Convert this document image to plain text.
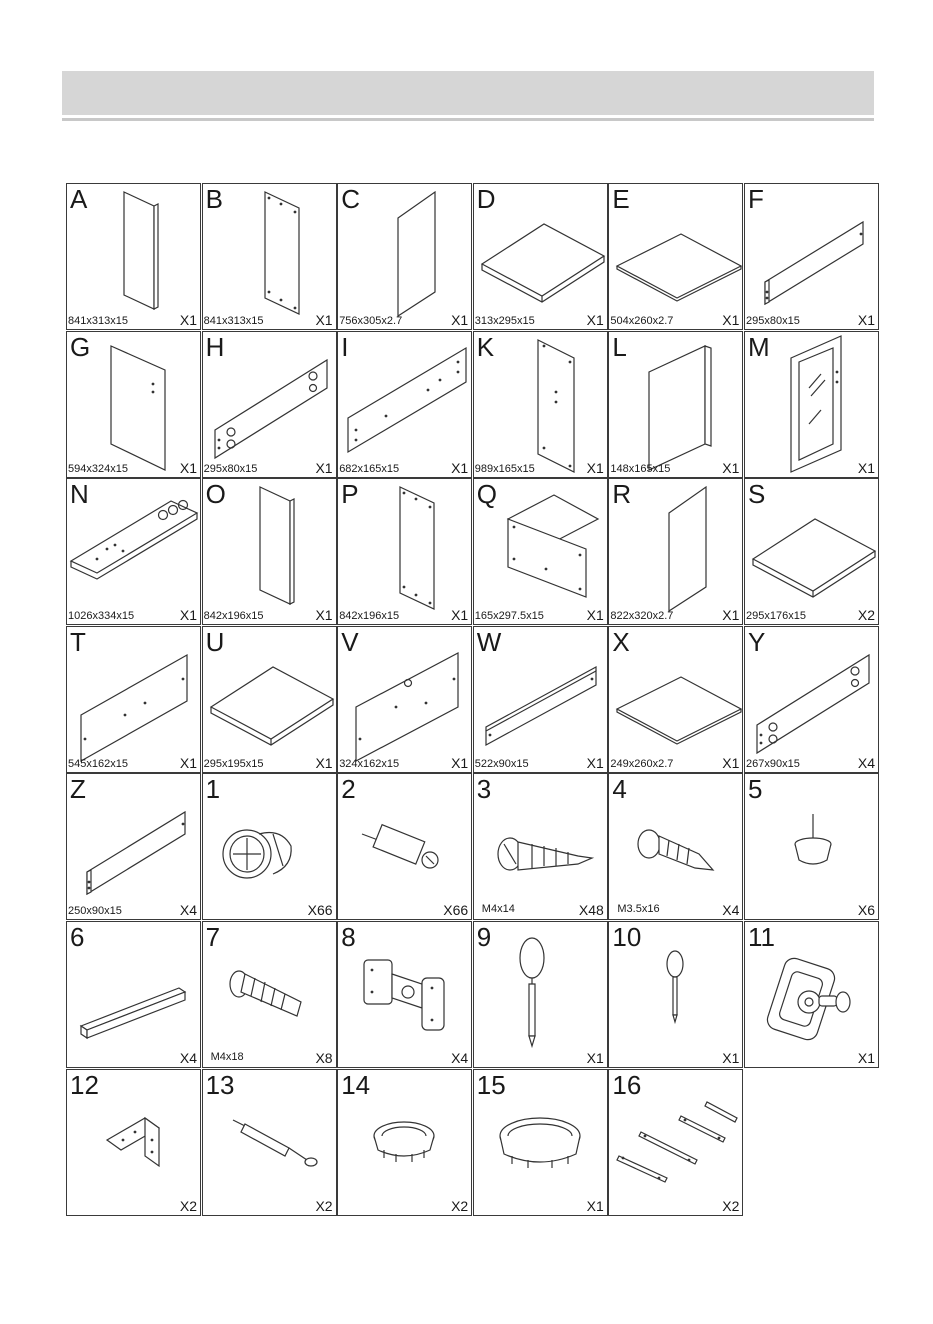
A
841x313x15	X1
B
841x313x15	X1
C
756x305x2.7	X1
D
313x295x15	X1
E
504x260x2.7	X1
F
295x80x15	X1
G
594x324x15	X1
H
295x80x15	X1
I
682x165x15	X1
K
989x165x15	X1
L
148x165x15	X1
M
X1
N
1026x334x15	X1
O
842x196x15	X1
P
842x196x15	X1
Q
165x297.5x15	X1
R
822x320x2.7	X1
S
295x176x15	X2
T
545x162x15	X1
U
295x195x15	X1
V
324x162x15	X1
W
522x90x15	X1
X
249x260x2.7	X1
Y
267x90x15	X4
Z
250x90x15	X4
1
X66
2
X66
3
M4x14	X48
4
M3.5x16	X4
5
X6
6
X4
7
M4x18	X8
8
X4
9
X1
10
X1
11
X1
12
X2
13
X2
14
X2
15
X1
16
X2
